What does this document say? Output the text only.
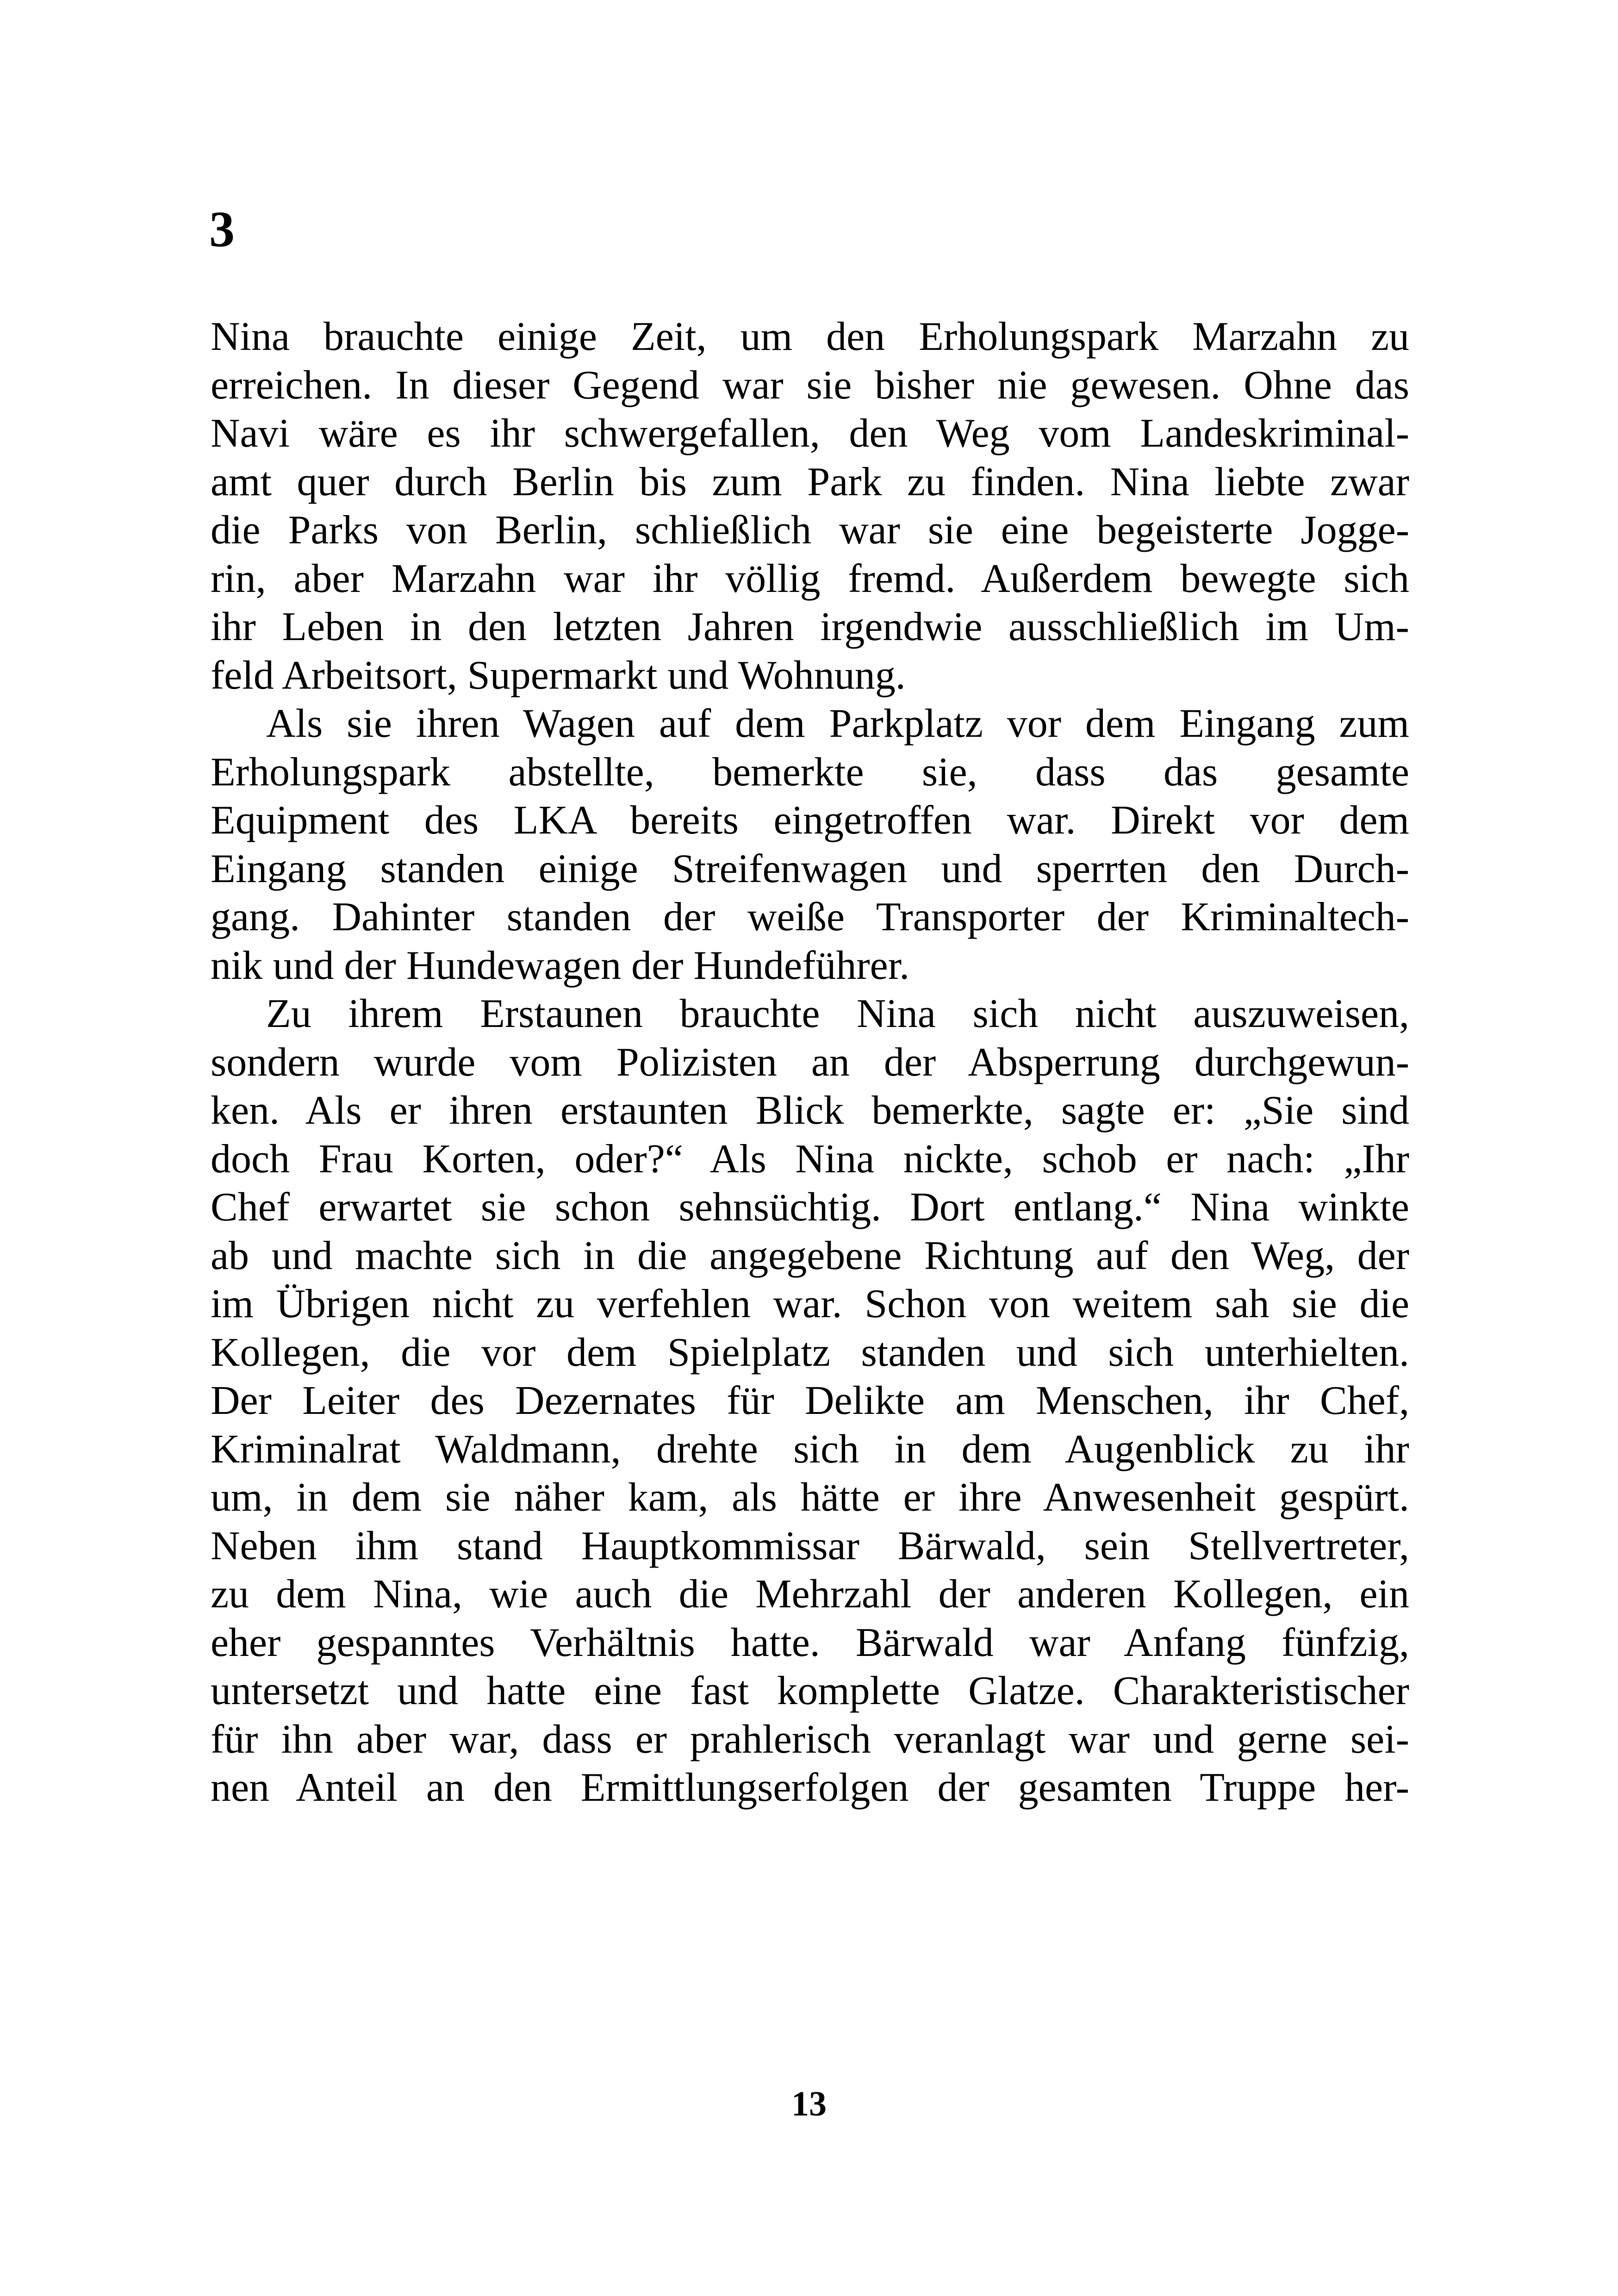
3
Nina brauchte einige Zeit, um den Erholungspark Marzahn zu
erreichen. In dieser Gegend war sie bisher nie gewesen. Ohne das
Navi wäre es ihr schwergefallen, den Weg vom Landeskriminal-
amt quer durch Berlin bis zum Park zu finden. Nina liebte zwar
die Parks von Berlin, schließlich war sie eine begeisterte Jogge-
rin, aber Marzahn war ihr völlig fremd. Außerdem bewegte sich
ihr Leben in den letzten Jahren irgendwie ausschließlich im Um-
feld Arbeitsort, Supermarkt und Wohnung.
Als sie ihren Wagen auf dem Parkplatz vor dem Eingang zum
Erholungspark abstellte, bemerkte sie, dass das gesamte
Equipment des LKA bereits eingetroffen war. Direkt vor dem
Eingang standen einige Streifenwagen und sperrten den Durch-
gang. Dahinter standen der weiße Transporter der Kriminaltech-
nik und der Hundewagen der Hundeführer.
Zu ihrem Erstaunen brauchte Nina sich nicht auszuweisen,
sondern wurde vom Polizisten an der Absperrung durchgewun-
ken. Als er ihren erstaunten Blick bemerkte, sagte er: „Sie sind
doch Frau Korten, oder?“ Als Nina nickte, schob er nach: „Ihr
Chef erwartet sie schon sehnsüchtig. Dort entlang.“ Nina winkte
ab und machte sich in die angegebene Richtung auf den Weg, der
im Übrigen nicht zu verfehlen war. Schon von weitem sah sie die
Kollegen, die vor dem Spielplatz standen und sich unterhielten.
Der Leiter des Dezernates für Delikte am Menschen, ihr Chef,
Kriminalrat Waldmann, drehte sich in dem Augenblick zu ihr
um, in dem sie näher kam, als hätte er ihre Anwesenheit gespürt.
Neben ihm stand Hauptkommissar Bärwald, sein Stellvertreter,
zu dem Nina, wie auch die Mehrzahl der anderen Kollegen, ein
eher gespanntes Verhältnis hatte. Bärwald war Anfang fünfzig,
untersetzt und hatte eine fast komplette Glatze. Charakteristischer
für ihn aber war, dass er prahlerisch veranlagt war und gerne sei-
nen Anteil an den Ermittlungserfolgen der gesamten Truppe her-
13
